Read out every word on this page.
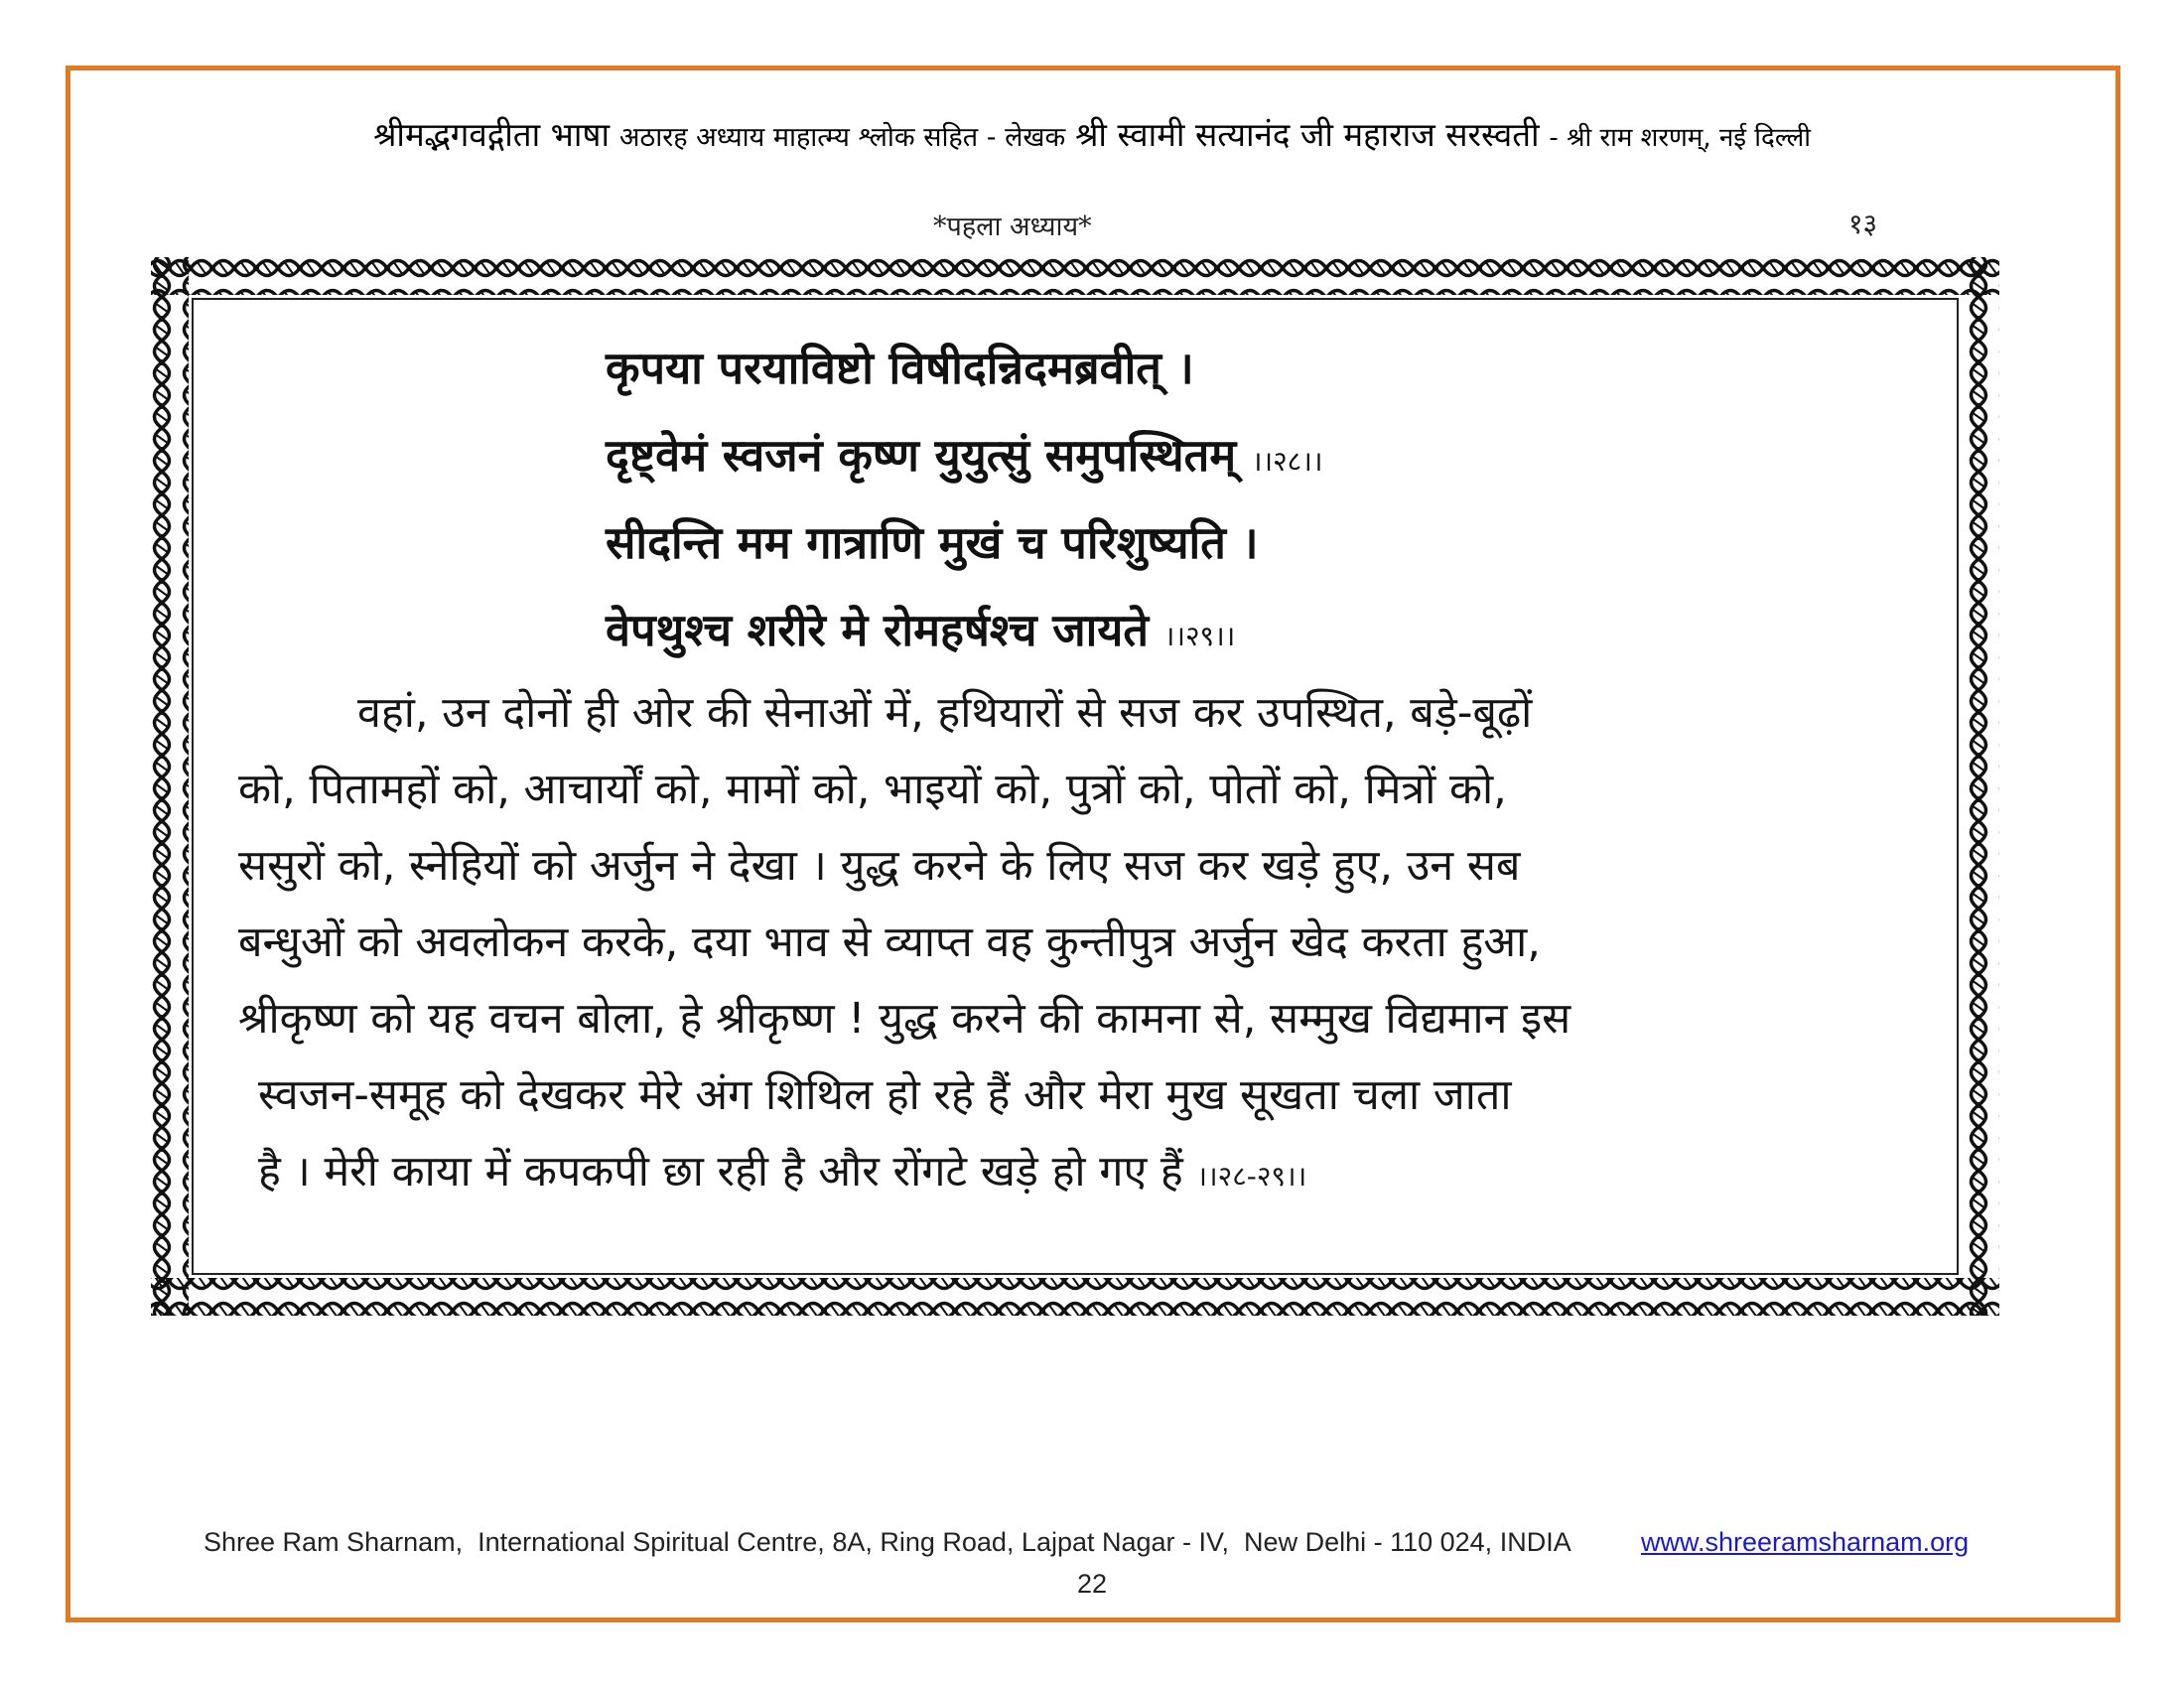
श्रीमद्भगवद्गीता भाषा अठारह अध्याय माहात्म्य श्लोक सहित - लेखक श्री स्वामी सत्यानंद जी महाराज सरस्वती - श्री राम शरणम्, नई दिल्ली
*पहला अध्याय*	१३
कृपया परयाविष्टो विषीदन्निदमब्रवीत् ।
दृष्ट्वेमं स्वजनं कृष्ण युयुत्सुं समुपस्थितम् ।।२८।।
सीदन्ति मम गात्राणि मुखं च परिशुष्यति ।
वेपथुश्च शरीरे मे रोमहर्षश्च जायते ।।२९।।
वहां, उन दोनों ही ओर की सेनाओं में, हथियारों से सज कर उपस्थित, बड़े-बूढ़ों
को, पितामहों को, आचार्यों को, मामों को, भाइयों को, पुत्रों को, पोतों को, मित्रों को,
ससुरों को, स्नेहियों को अर्जुन ने देखा । युद्ध करने के लिए सज कर खड़े हुए, उन सब
बन्धुओं को अवलोकन करके, दया भाव से व्याप्त वह कुन्तीपुत्र अर्जुन खेद करता हुआ,
श्रीकृष्ण को यह वचन बोला, हे श्रीकृष्ण ! युद्ध करने की कामना से, सम्मुख विद्यमान इस
स्वजन-समूह को देखकर मेरे अंग शिथिल हो रहे हैं और मेरा मुख सूखता चला जाता
है । मेरी काया में कपकपी छा रही है और रोंगटे खड़े हो गए हैं ।।२८-२९।।
Shree Ram Sharnam,  International Spiritual Centre, 8A, Ring Road, Lajpat Nagar - IV,  New Delhi - 110 024, INDIA	www.shreeramsharnam.org
22
